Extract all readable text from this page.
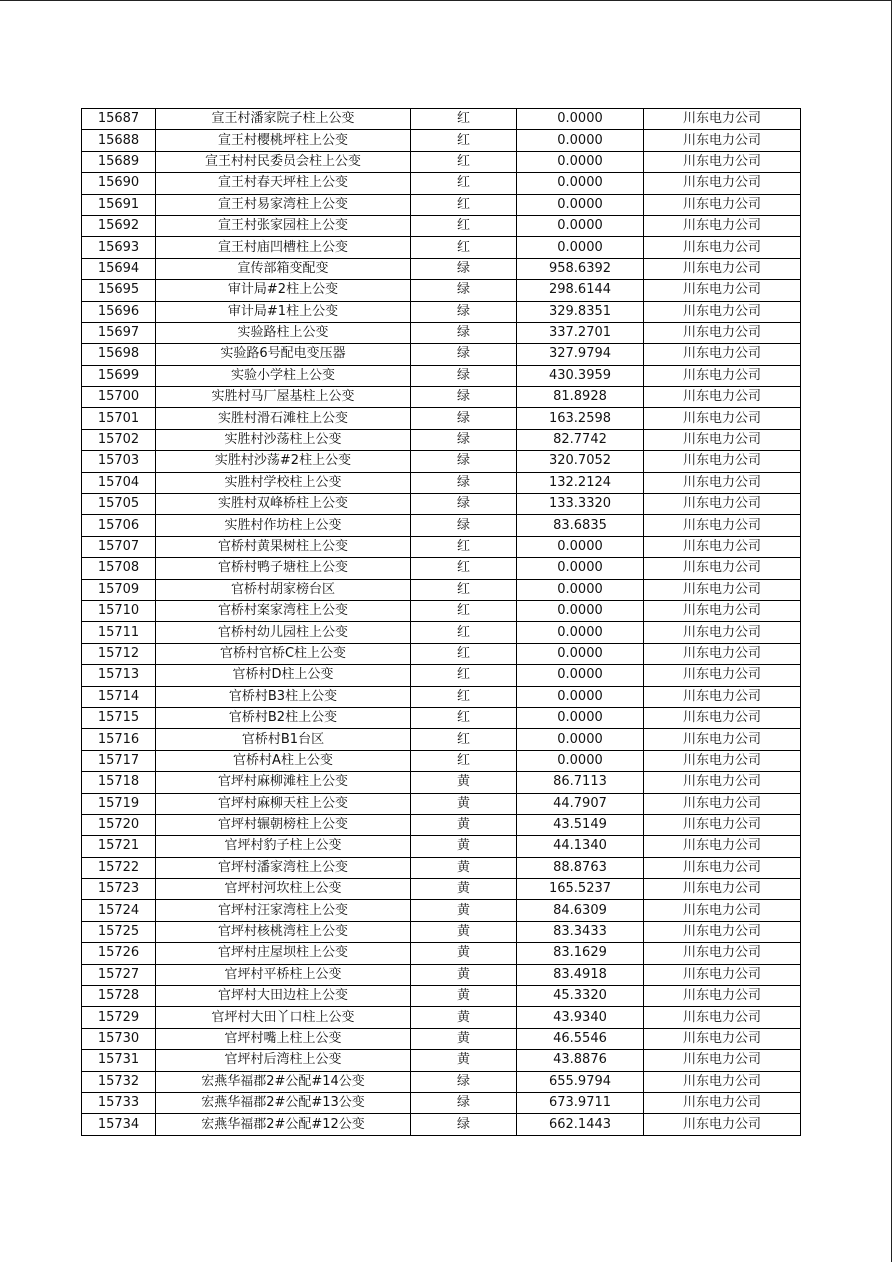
15687	宣王村潘家院子柱上公变	红	0.0000	川东电力公司
15688	宣王村樱桃坪柱上公变	红	0.0000	川东电力公司
15689	宣王村村民委员会柱上公变	红	0.0000	川东电力公司
15690	宣王村春天坪柱上公变	红	0.0000	川东电力公司
15691	宣王村易家湾柱上公变	红	0.0000	川东电力公司
15692	宣王村张家园柱上公变	红	0.0000	川东电力公司
15693	宣王村庙凹槽柱上公变	红	0.0000	川东电力公司
15694	宣传部箱变配变	绿	958.6392	川东电力公司
15695	审计局#2柱上公变	绿	298.6144	川东电力公司
15696	审计局#1柱上公变	绿	329.8351	川东电力公司
15697	实验路柱上公变	绿	337.2701	川东电力公司
15698	实验路6号配电变压器	绿	327.9794	川东电力公司
15699	实验小学柱上公变	绿	430.3959	川东电力公司
15700	实胜村马厂屋基柱上公变	绿	81.8928	川东电力公司
15701	实胜村滑石滩柱上公变	绿	163.2598	川东电力公司
15702	实胜村沙荡柱上公变	绿	82.7742	川东电力公司
15703	实胜村沙荡#2柱上公变	绿	320.7052	川东电力公司
15704	实胜村学校柱上公变	绿	132.2124	川东电力公司
15705	实胜村双峰桥柱上公变	绿	133.3320	川东电力公司
15706	实胜村作坊柱上公变	绿	83.6835	川东电力公司
15707	官桥村黄果树柱上公变	红	0.0000	川东电力公司
15708	官桥村鸭子塘柱上公变	红	0.0000	川东电力公司
15709	官桥村胡家榜台区	红	0.0000	川东电力公司
15710	官桥村案家湾柱上公变	红	0.0000	川东电力公司
15711	官桥村幼儿园柱上公变	红	0.0000	川东电力公司
15712	官桥村官桥C柱上公变	红	0.0000	川东电力公司
15713	官桥村D柱上公变	红	0.0000	川东电力公司
15714	官桥村B3柱上公变	红	0.0000	川东电力公司
15715	官桥村B2柱上公变	红	0.0000	川东电力公司
15716	官桥村B1台区	红	0.0000	川东电力公司
15717	官桥村A柱上公变	红	0.0000	川东电力公司
15718	官坪村麻柳滩柱上公变	黄	86.7113	川东电力公司
15719	官坪村麻柳天柱上公变	黄	44.7907	川东电力公司
15720	官坪村辗朝榜柱上公变	黄	43.5149	川东电力公司
15721	官坪村豹子柱上公变	黄	44.1340	川东电力公司
15722	官坪村潘家湾柱上公变	黄	88.8763	川东电力公司
15723	官坪村河坎柱上公变	黄	165.5237	川东电力公司
15724	官坪村汪家湾柱上公变	黄	84.6309	川东电力公司
15725	官坪村核桃湾柱上公变	黄	83.3433	川东电力公司
15726	官坪村庄屋坝柱上公变	黄	83.1629	川东电力公司
15727	官坪村平桥柱上公变	黄	83.4918	川东电力公司
15728	官坪村大田边柱上公变	黄	45.3320	川东电力公司
15729	官坪村大田丫口柱上公变	黄	43.9340	川东电力公司
15730	官坪村嘴上柱上公变	黄	46.5546	川东电力公司
15731	官坪村后湾柱上公变	黄	43.8876	川东电力公司
15732	宏燕华福郡2#公配#14公变	绿	655.9794	川东电力公司
15733	宏燕华福郡2#公配#13公变	绿	673.9711	川东电力公司
15734	宏燕华福郡2#公配#12公变	绿	662.1443	川东电力公司
